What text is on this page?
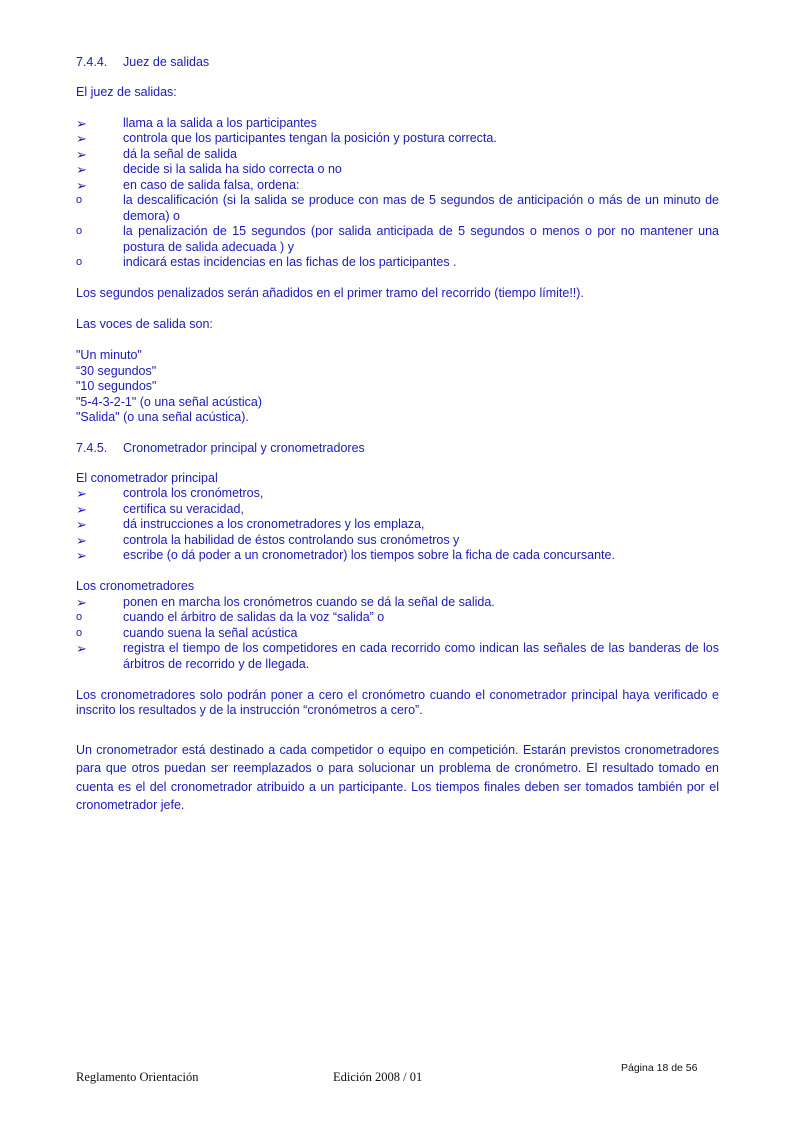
7.4.4.	Juez de salidas

El juez de salidas:

➢	llama a la salida a los participantes
➢	controla que los participantes tengan la posición y postura correcta.
➢	dá la señal de salida
➢	decide si la salida ha sido correcta o no
➢	en caso de salida falsa, ordena:
o	la descalificación (si la salida se produce con mas de 5 segundos de anticipación o más de un minuto de demora) o
o	la penalización de 15 segundos (por salida anticipada de 5 segundos o menos o por no mantener una postura de salida adecuada ) y
o	indicará estas incidencias en las fichas de los participantes .

Los segundos penalizados serán añadidos en el primer tramo del recorrido (tiempo límite!!).

Las voces de salida son:

"Un minuto"

“30 segundos"

"10 segundos"

"5-4-3-2-1" (o una señal acústica)

"Salida" (o una señal acústica).

7.4.5.	Cronometrador principal y cronometradores

El conometrador principal

➢	controla los cronómetros,
➢	certifica su veracidad,
➢	dá instrucciones a los cronometradores y los emplaza,
➢	controla la habilidad de éstos controlando sus cronómetros y
➢	escribe (o dá poder a un cronometrador) los tiempos sobre la ficha de cada concursante.

Los cronometradores

➢	ponen en marcha los cronómetros cuando se dá la señal de salida.
o	cuando el árbitro de salidas da la voz “salida” o
o	cuando suena la señal acústica
➢	registra el tiempo de los competidores en cada recorrido como indican las señales de las banderas de los árbitros de recorrido y de llegada.

Los cronometradores solo podrán poner a cero el cronómetro cuando el conometrador principal haya verificado e inscrito los resultados y de la instrucción “cronómetros a cero”.

Un cronometrador está destinado a cada competidor o equipo en competición. Estarán previstos cronometradores para que otros puedan ser reemplazados o para solucionar un problema de cronómetro. El resultado tomado en cuenta es el del cronometrador atribuido a un participante. Los tiempos finales deben ser tomados también por el cronometrador jefe.

Página 18 de 56
Reglamento Orientación	Edición 2008 / 01
